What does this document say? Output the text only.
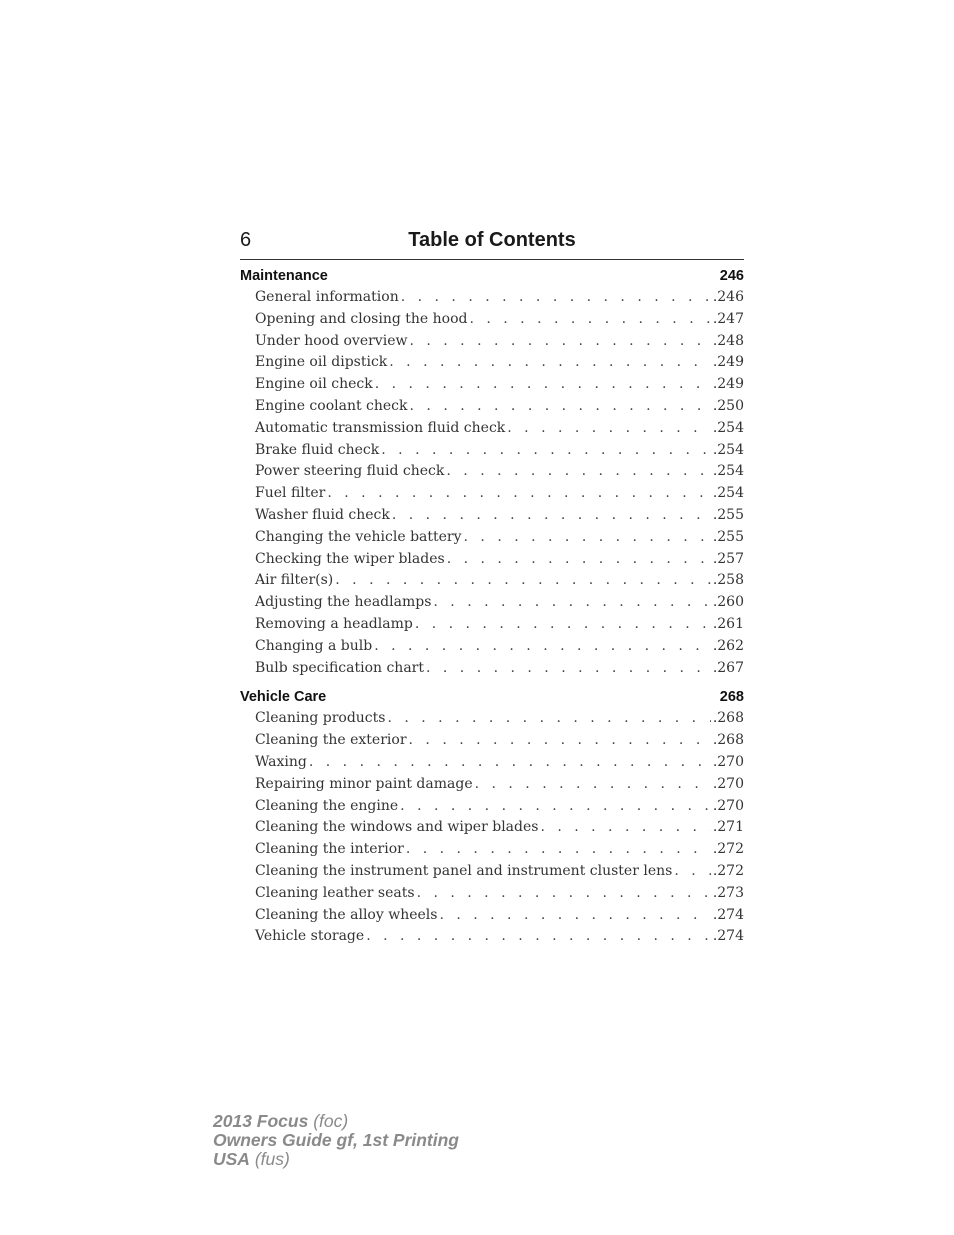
6	Table of Contents
Maintenance	246
General information . . .	.246
Opening and closing the hood . . .	.247
Under hood overview . . .	.248
Engine oil dipstick . . .	.249
Engine oil check . . .	.249
Engine coolant check . . .	.250
Automatic transmission fluid check . . .	.254
Brake fluid check . . .	.254
Power steering fluid check . . .	.254
Fuel filter . . .	.254
Washer fluid check . . .	.255
Changing the vehicle battery . . .	.255
Checking the wiper blades . . .	.257
Air filter(s) . . .	.258
Adjusting the headlamps . . .	.260
Removing a headlamp . . .	.261
Changing a bulb . . .	.262
Bulb specification chart . . .	.267
Vehicle Care	268
Cleaning products . . .	.268
Cleaning the exterior . . .	.268
Waxing . . .	.270
Repairing minor paint damage . . .	.270
Cleaning the engine . . .	.270
Cleaning the windows and wiper blades . . .	.271
Cleaning the interior . . .	.272
Cleaning the instrument panel and instrument cluster lens . . .	.272
Cleaning leather seats . . .	.273
Cleaning the alloy wheels . . .	.274
Vehicle storage . . .	.274
2013 Focus (foc)
Owners Guide gf, 1st Printing
USA (fus)
